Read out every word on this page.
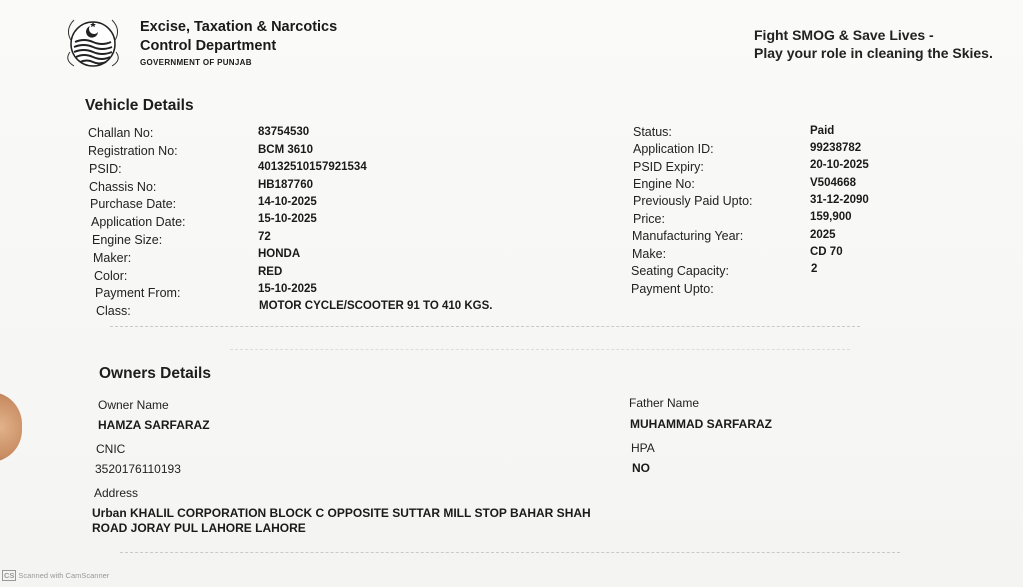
Excise, Taxation & Narcotics
Control Department
GOVERNMENT OF PUNJAB
Fight SMOG & Save Lives -
Play your role in cleaning the Skies.
Vehicle Details
Challan No:	83754530
Registration No:	BCM 3610
PSID:	40132510157921534
Chassis No:	HB187760
Purchase Date:	14-10-2025
Application Date:	15-10-2025
Engine Size:	72
Maker:	HONDA
Color:	RED
Payment From:	15-10-2025
Class:	MOTOR CYCLE/SCOOTER 91 TO 410 KGS.
Status:	Paid
Application ID:	99238782
PSID Expiry:	20-10-2025
Engine No:	V504668
Previously Paid Upto:	31-12-2090
Price:	159,900
Manufacturing Year:	2025
Make:	CD 70
Seating Capacity:	2
Payment Upto:
Owners Details
Owner Name
HAMZA SARFARAZ
Father Name
MUHAMMAD SARFARAZ
CNIC
3520176110193
HPA
NO
Address
Urban KHALIL CORPORATION BLOCK C OPPOSITE SUTTAR MILL STOP BAHAR SHAH
ROAD JORAY PUL LAHORE LAHORE
CS Scanned with CamScanner
